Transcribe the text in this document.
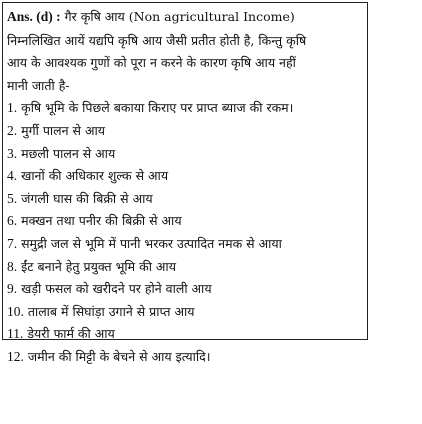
Ans. (d) : गैर कृषि आय (Non agricultural Income)
निम्नलिखित आयें यद्यपि कृषि आय जैसी प्रतीत होती है, किन्तु कृषि
आय के आवश्यक गुणों को पूरा न करने के कारण कृषि आय नहीं
मानी जाती है-
1. कृषि भूमि के पिछले बकाया किराए पर प्राप्त ब्याज की रकम।
2. मुर्गी पालन से आय
3. मछली पालन से आय
4. खानों की अधिकार शुल्क से आय
5. जंगली घास की बिक्री से आय
6. मक्खन तथा पनीर की बिक्री से आय
7. समुद्री जल से भूमि में पानी भरकर उत्पादित नमक से आया
8. ईंट बनाने हेतु प्रयुक्त भूमि की आय
9. खड़ी फसल को खरीदने पर होने वाली आय
10. तालाब में सिघांड़ा उगाने से प्राप्त आय
11. डेयरी फार्म की आय
12. जमीन की मिट्टी के बेचने से आय इत्यादि।
